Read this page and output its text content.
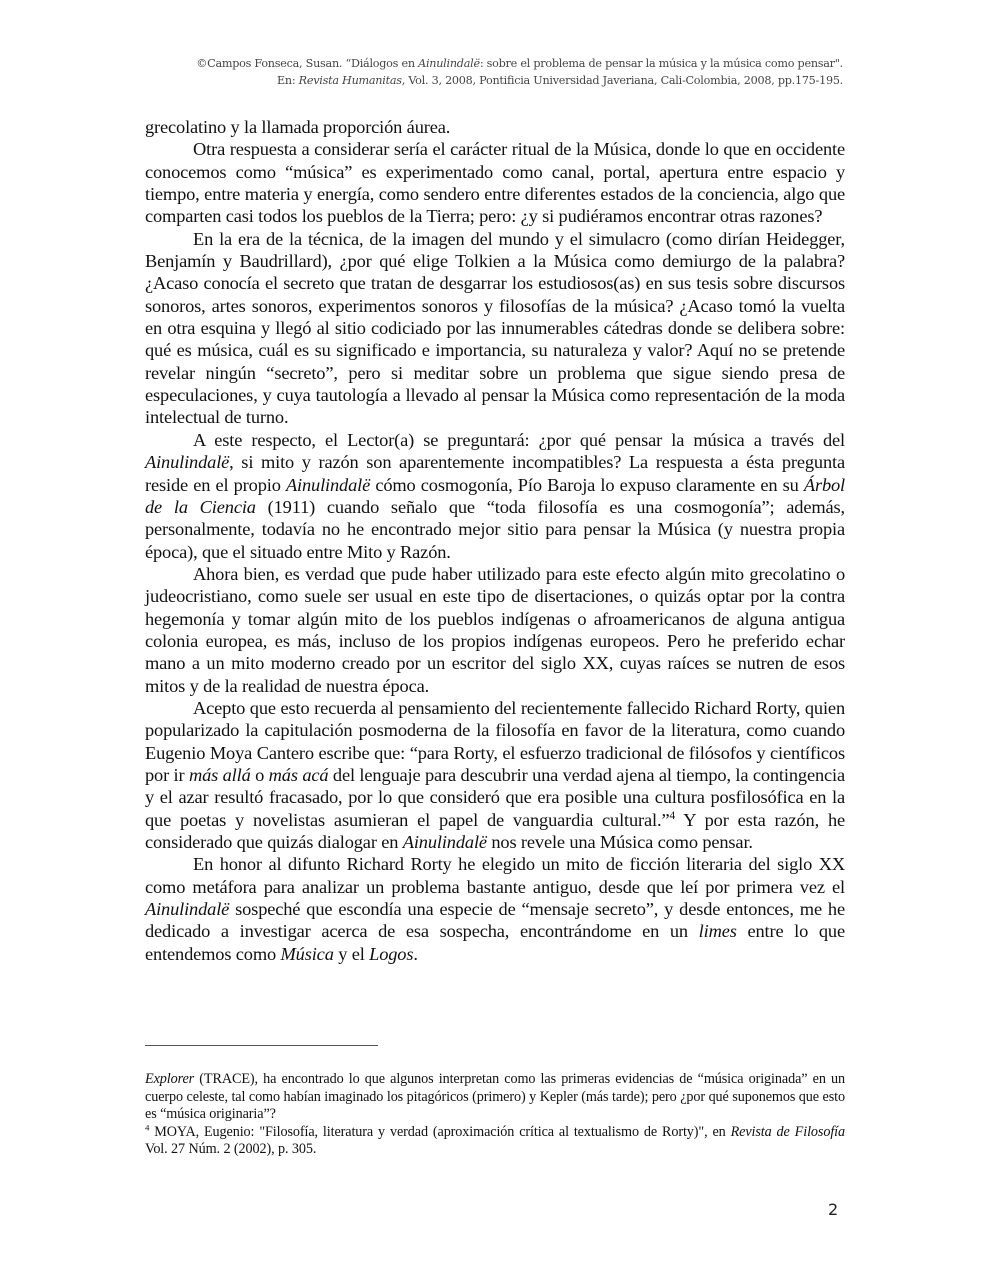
©Campos Fonseca, Susan. “Diálogos en Ainulindalë: sobre el problema de pensar la música y la música como pensar".
En: Revista Humanitas, Vol. 3, 2008, Pontificia Universidad Javeriana, Cali-Colombia, 2008, pp.175-195.

grecolatino y la llamada proporción áurea.

Otra respuesta a considerar sería el carácter ritual de la Música, donde lo que en occidente conocemos como “música” es experimentado como canal, portal, apertura entre espacio y tiempo, entre materia y energía, como sendero entre diferentes estados de la conciencia, algo que comparten casi todos los pueblos de la Tierra; pero: ¿y si pudiéramos encontrar otras razones?

En la era de la técnica, de la imagen del mundo y el simulacro (como dirían Heidegger, Benjamín y Baudrillard), ¿por qué elige Tolkien a la Música como demiurgo de la palabra? ¿Acaso conocía el secreto que tratan de desgarrar los estudiosos(as) en sus tesis sobre discursos sonoros, artes sonoros, experimentos sonoros y filosofías de la música? ¿Acaso tomó la vuelta en otra esquina y llegó al sitio codiciado por las innumerables cátedras donde se delibera sobre: qué es música, cuál es su significado e importancia, su naturaleza y valor? Aquí no se pretende revelar ningún “secreto”, pero si meditar sobre un problema que sigue siendo presa de especulaciones, y cuya tautología a llevado al pensar la Música como representación de la moda intelectual de turno.

A este respecto, el Lector(a) se preguntará: ¿por qué pensar la música a través del Ainulindalë, si mito y razón son aparentemente incompatibles? La respuesta a ésta pregunta reside en el propio Ainulindalë cómo cosmogonía, Pío Baroja lo expuso claramente en su Árbol de la Ciencia (1911) cuando señalo que “toda filosofía es una cosmogonía”; además, personalmente, todavía no he encontrado mejor sitio para pensar la Música (y nuestra propia época), que el situado entre Mito y Razón.

Ahora bien, es verdad que pude haber utilizado para este efecto algún mito grecolatino o judeocristiano, como suele ser usual en este tipo de disertaciones, o quizás optar por la contra hegemonía y tomar algún mito de los pueblos indígenas o afroamericanos de alguna antigua colonia europea, es más, incluso de los propios indígenas europeos. Pero he preferido echar mano a un mito moderno creado por un escritor del siglo XX, cuyas raíces se nutren de esos mitos y de la realidad de nuestra época.

Acepto que esto recuerda al pensamiento del recientemente fallecido Richard Rorty, quien popularizado la capitulación posmoderna de la filosofía en favor de la literatura, como cuando Eugenio Moya Cantero escribe que: “para Rorty, el esfuerzo tradicional de filósofos y científicos por ir más allá o más acá del lenguaje para descubrir una verdad ajena al tiempo, la contingencia y el azar resultó fracasado, por lo que consideró que era posible una cultura posfilosófica en la que poetas y novelistas asumieran el papel de vanguardia cultural.”$^4$ Y por esta razón, he considerado que quizás dialogar en Ainulindalë nos revele una Música como pensar.

En honor al difunto Richard Rorty he elegido un mito de ficción literaria del siglo XX como metáfora para analizar un problema bastante antiguo, desde que leí por primera vez el Ainulindalë sospeché que escondía una especie de “mensaje secreto”, y desde entonces, me he dedicado a investigar acerca de esa sospecha, encontrándome en un limes entre lo que entendemos como Música y el Logos.

Explorer (TRACE), ha encontrado lo que algunos interpretan como las primeras evidencias de “música originada” en un cuerpo celeste, tal como habían imaginado los pitagóricos (primero) y Kepler (más tarde); pero ¿por qué suponemos que esto es “música originaria”?

$^4$ MOYA, Eugenio: "Filosofía, literatura y verdad (aproximación crítica al textualismo de Rorty)", en Revista de Filosofía Vol. 27 Núm. 2 (2002), p. 305.

2
